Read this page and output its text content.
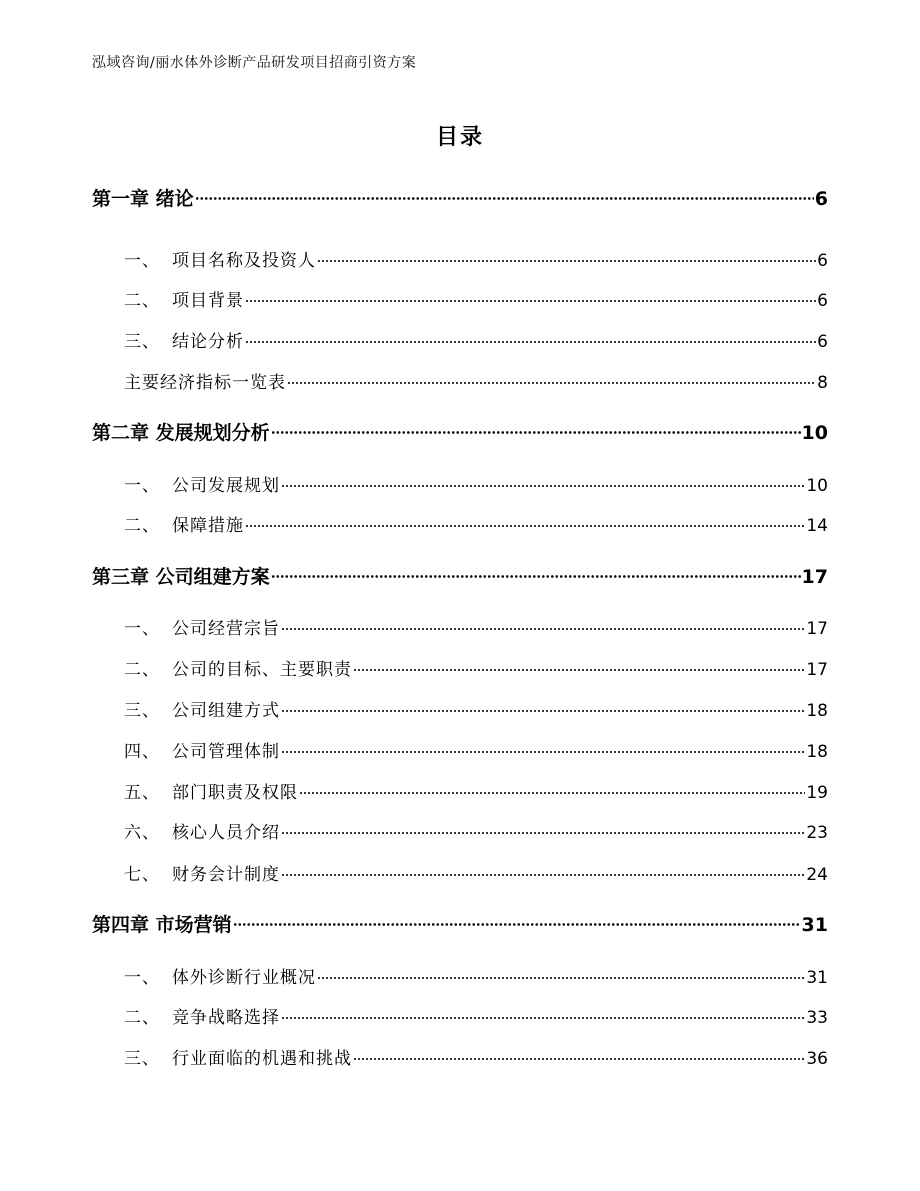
泓域咨询/丽水体外诊断产品研发项目招商引资方案
目录
第一章 绪论	6
一、 项目名称及投资人	6
二、 项目背景	6
三、 结论分析	6
主要经济指标一览表	8
第二章 发展规划分析	10
一、 公司发展规划	10
二、 保障措施	14
第三章 公司组建方案	17
一、 公司经营宗旨	17
二、 公司的目标、主要职责	17
三、 公司组建方式	18
四、 公司管理体制	18
五、 部门职责及权限	19
六、 核心人员介绍	23
七、 财务会计制度	24
第四章 市场营销	31
一、 体外诊断行业概况	31
二、 竞争战略选择	33
三、 行业面临的机遇和挑战	36
